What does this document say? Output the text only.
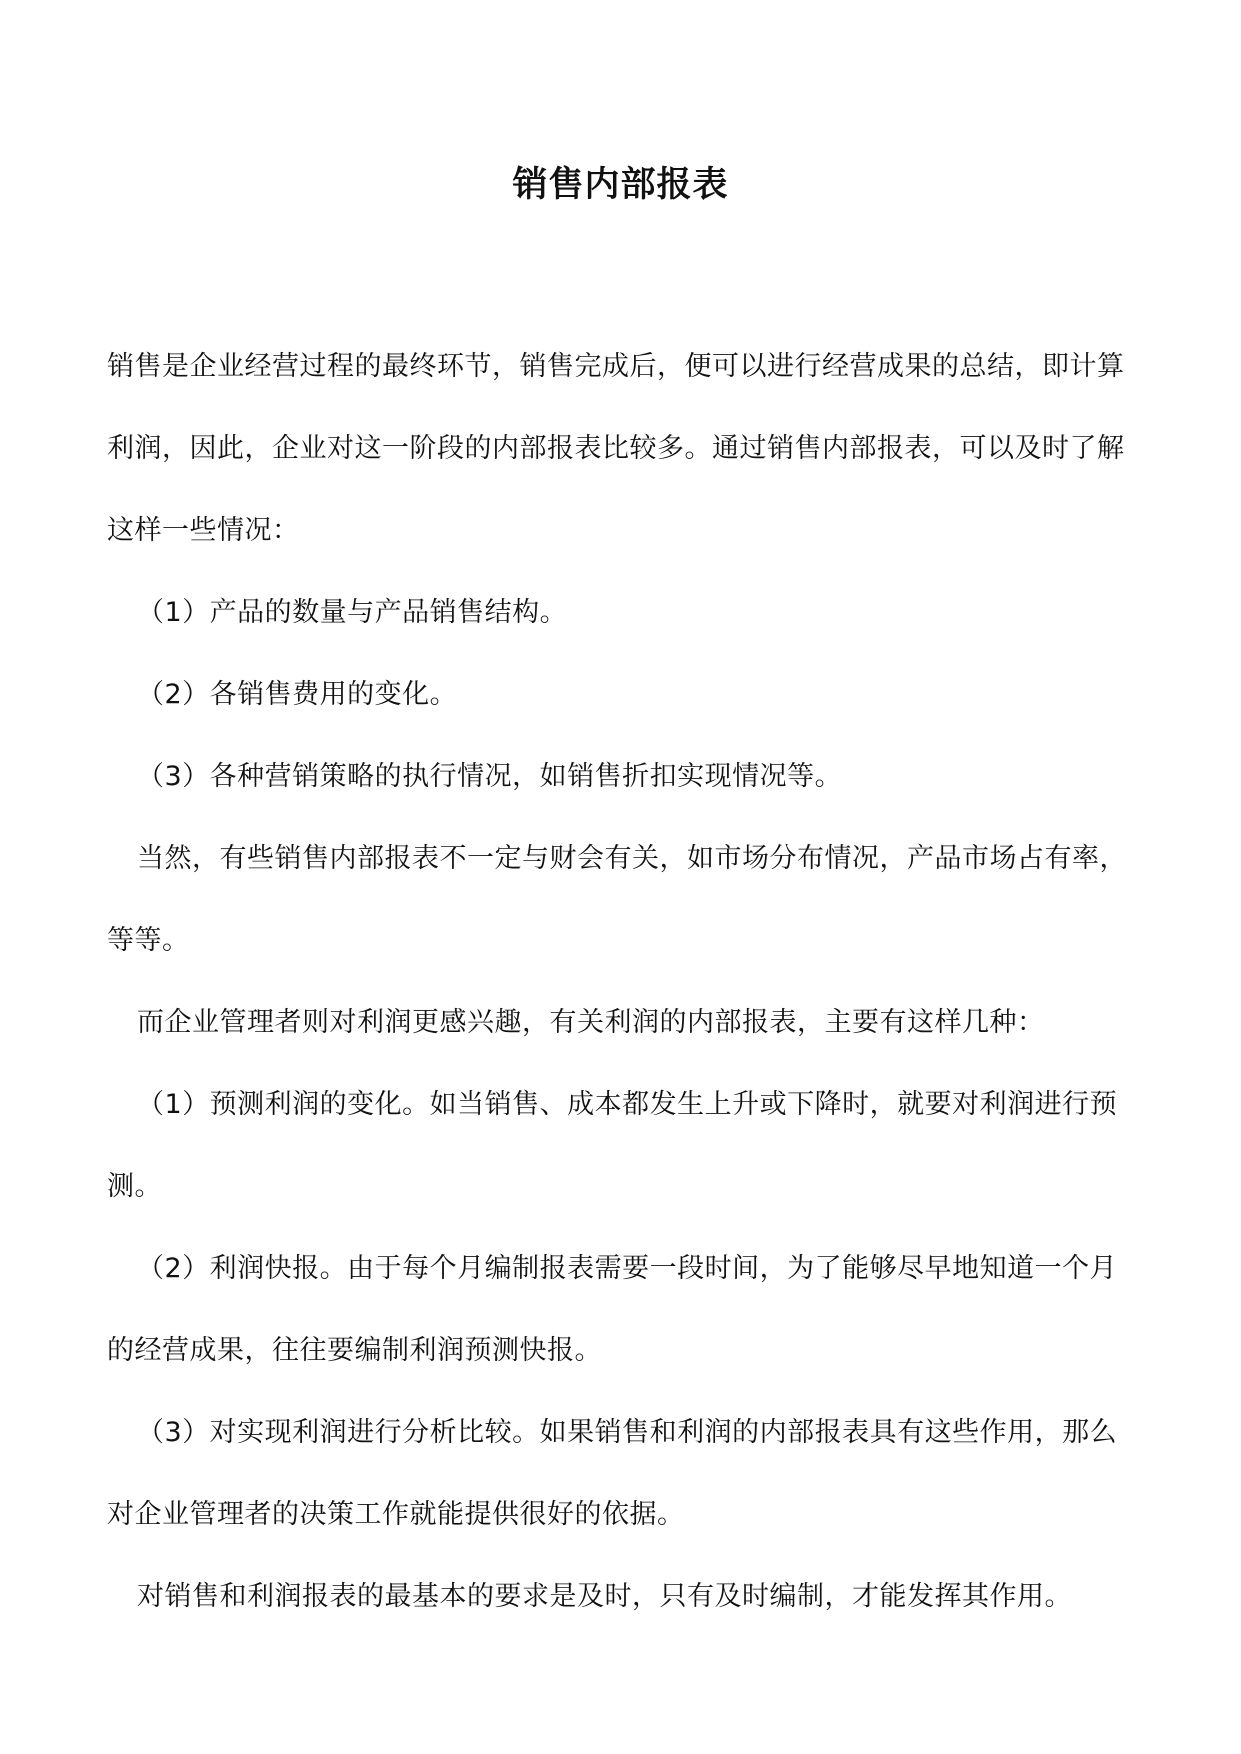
销售内部报表

销售是企业经营过程的最终环节，销售完成后，便可以进行经营成果的总结，即计算利润，因此，企业对这一阶段的内部报表比较多。通过销售内部报表，可以及时了解这样一些情况：

（1）产品的数量与产品销售结构。

（2）各销售费用的变化。

（3）各种营销策略的执行情况，如销售折扣实现情况等。

当然，有些销售内部报表不一定与财会有关，如市场分布情况，产品市场占有率，等等。

而企业管理者则对利润更感兴趣，有关利润的内部报表，主要有这样几种：

（1）预测利润的变化。如当销售、成本都发生上升或下降时，就要对利润进行预测。

（2）利润快报。由于每个月编制报表需要一段时间，为了能够尽早地知道一个月的经营成果，往往要编制利润预测快报。

（3）对实现利润进行分析比较。如果销售和利润的内部报表具有这些作用，那么对企业管理者的决策工作就能提供很好的依据。

对销售和利润报表的最基本的要求是及时，只有及时编制，才能发挥其作用。
